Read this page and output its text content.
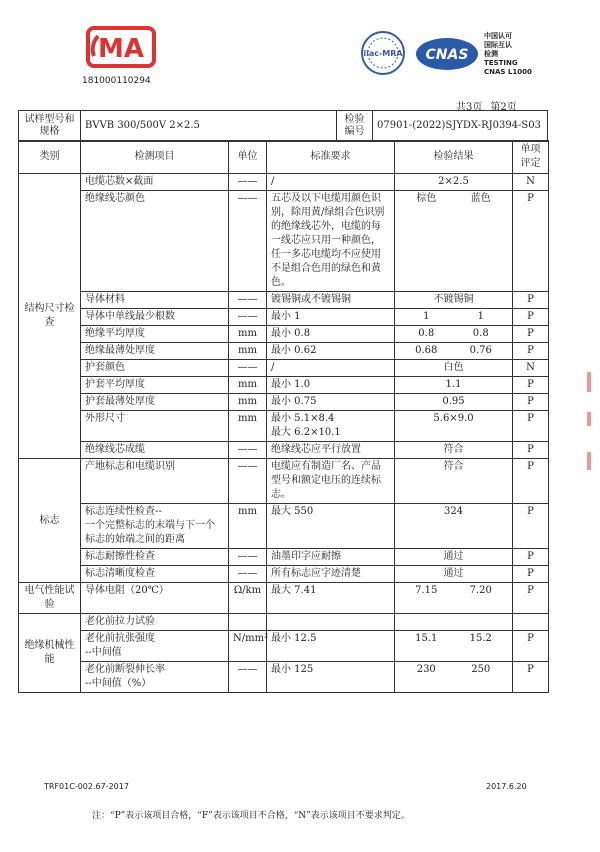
MA
181000110294
ilac-MRA CNAS
中国认可
国际互认
检测
TESTING
CNAS L1000
共3页 第2页
试样型号和规格	BVVB 300/500V 2×2.5	检验编号	07901-(2022)SJYDX-RJ0394-S03
类别	检测项目	单位	标准要求	检验结果	单项评定
结构尺寸检查	电缆芯数×截面	——	/	2×2.5	N
	绝缘线芯颜色	——	五芯及以下电缆用颜色识别，除用黄/绿组合色识别的绝缘线芯外，电缆的每一线芯应只用一种颜色，任一多芯电缆均不应使用不是组合色用的绿色和黄色。	棕色 蓝色	P
	导体材料	——	镀锡铜或不镀锡铜	不镀锡铜	P
	导体中单线最少根数	——	最小 1	1 1	P
	绝缘平均厚度	mm	最小 0.8	0.8 0.8	P
	绝缘最薄处厚度	mm	最小 0.62	0.68 0.76	P
	护套颜色	——	/	白色	N
	护套平均厚度	mm	最小 1.0	1.1	P
	护套最薄处厚度	mm	最小 0.75	0.95	P
	外形尺寸	mm	最小 5.1×8.4
最大 6.2×10.1	5.6×9.0	P
	绝缘线芯成缆	——	绝缘线芯应平行放置	符合	P
标志	产地标志和电缆识别	——	电缆应有制造厂名、产品型号和额定电压的连续标志。	符合	P
	标志连续性检查--
一个完整标志的末端与下一个标志的始端之间的距离	mm	最大 550	324	P
	标志耐擦性检查	——	油墨印字应耐擦	通过	P
	标志清晰度检查	——	所有标志应字迹清楚	通过	P
电气性能试验	导体电阻（20℃）	Ω/km	最大 7.41	7.15 7.20	P
绝缘机械性能	老化前拉力试验			

	老化前抗张强度
--中间值	N/mm²	最小 12.5	15.1 15.2	P
	老化前断裂伸长率
--中间值（%）	——	最小 125	230 250	P
TRF01C-002.67-2017	2017.6.20
注：“P”表示该项目合格，“F”表示该项目不合格，“N”表示该项目不要求判定。
